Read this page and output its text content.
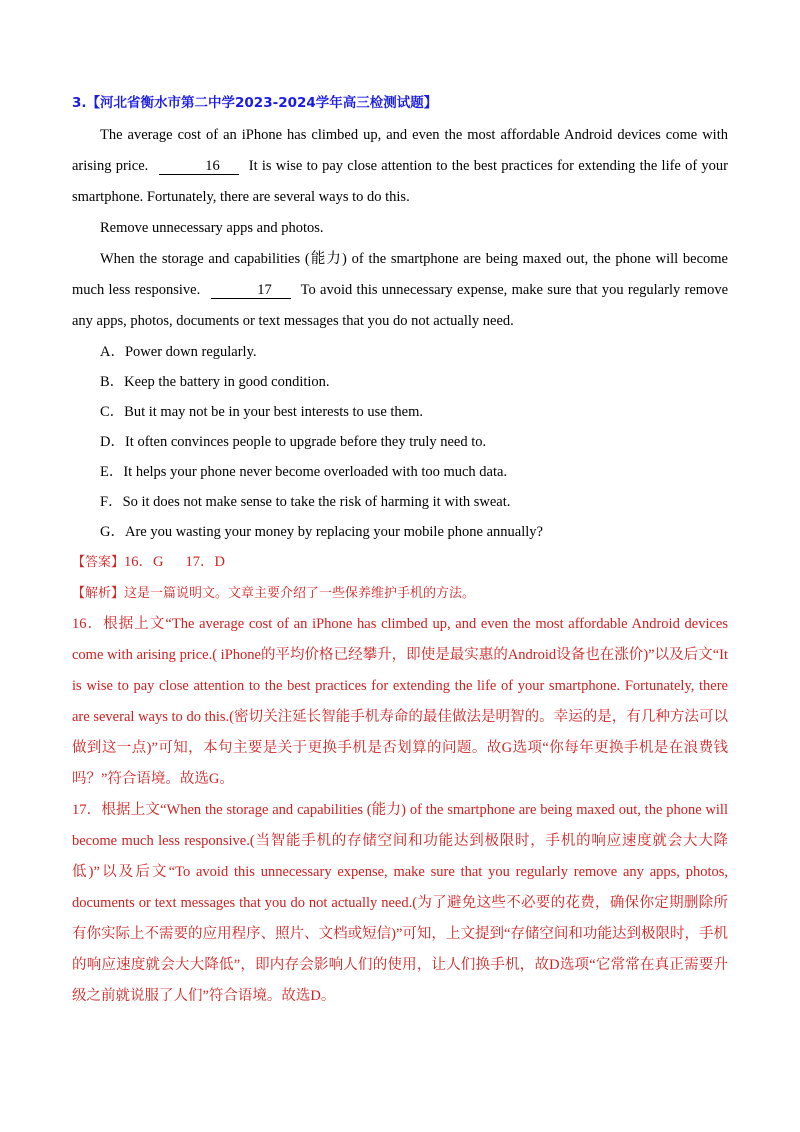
3.【河北省衡水市第二中学2023-2024学年高三检测试题】
The average cost of an iPhone has climbed up, and even the most affordable Android devices come with arising price.	16 It is wise to pay close attention to the best practices for extending the life of your smartphone. Fortunately, there are several ways to do this.
Remove unnecessary apps and photos.
When the storage and capabilities (能力) of the smartphone are being maxed out, the phone will become much less responsive.	17 To avoid this unnecessary expense, make sure that you regularly remove any apps, photos, documents or text messages that you do not actually need.
A．Power down regularly.
B．Keep the battery in good condition.
C．But it may not be in your best interests to use them.
D．It often convinces people to upgrade before they truly need to.
E．It helps your phone never become overloaded with too much data.
F．So it does not make sense to take the risk of harming it with sweat.
G．Are you wasting your money by replacing your mobile phone annually?
【答案】16．G 17．D
【解析】这是一篇说明文。文章主要介绍了一些保养维护手机的方法。

16．根据上文“The average cost of an iPhone has climbed up, and even the most affordable Android devices come with arising price.( iPhone的平均价格已经攀升，即使是最实惠的Android设备也在涨价)”以及后文“It is wise to pay close attention to the best practices for extending the life of your smartphone. Fortunately, there are several ways to do this.(密切关注延长智能手机寿命的最佳做法是明智的。幸运的是，有几种方法可以做到这一点)”可知，本句主要是关于更换手机是否划算的问题。故G选项“你每年更换手机是在浪费钱吗？”符合语境。故选G。

17．根据上文“When the storage and capabilities (能力) of the smartphone are being maxed out, the phone will become much less responsive.(当智能手机的存储空间和功能达到极限时，手机的响应速度就会大大降低)”以及后文“To avoid this unnecessary expense, make sure that you regularly remove any apps, photos, documents or text messages that you do not actually need.(为了避免这些不必要的花费，确保你定期删除所有你实际上不需要的应用程序、照片、文档或短信)”可知，上文提到“存储空间和功能达到极限时，手机的响应速度就会大大降低”，即内存会影响人们的使用，让人们换手机，故D选项“它常常在真正需要升级之前就说服了人们”符合语境。故选D。
